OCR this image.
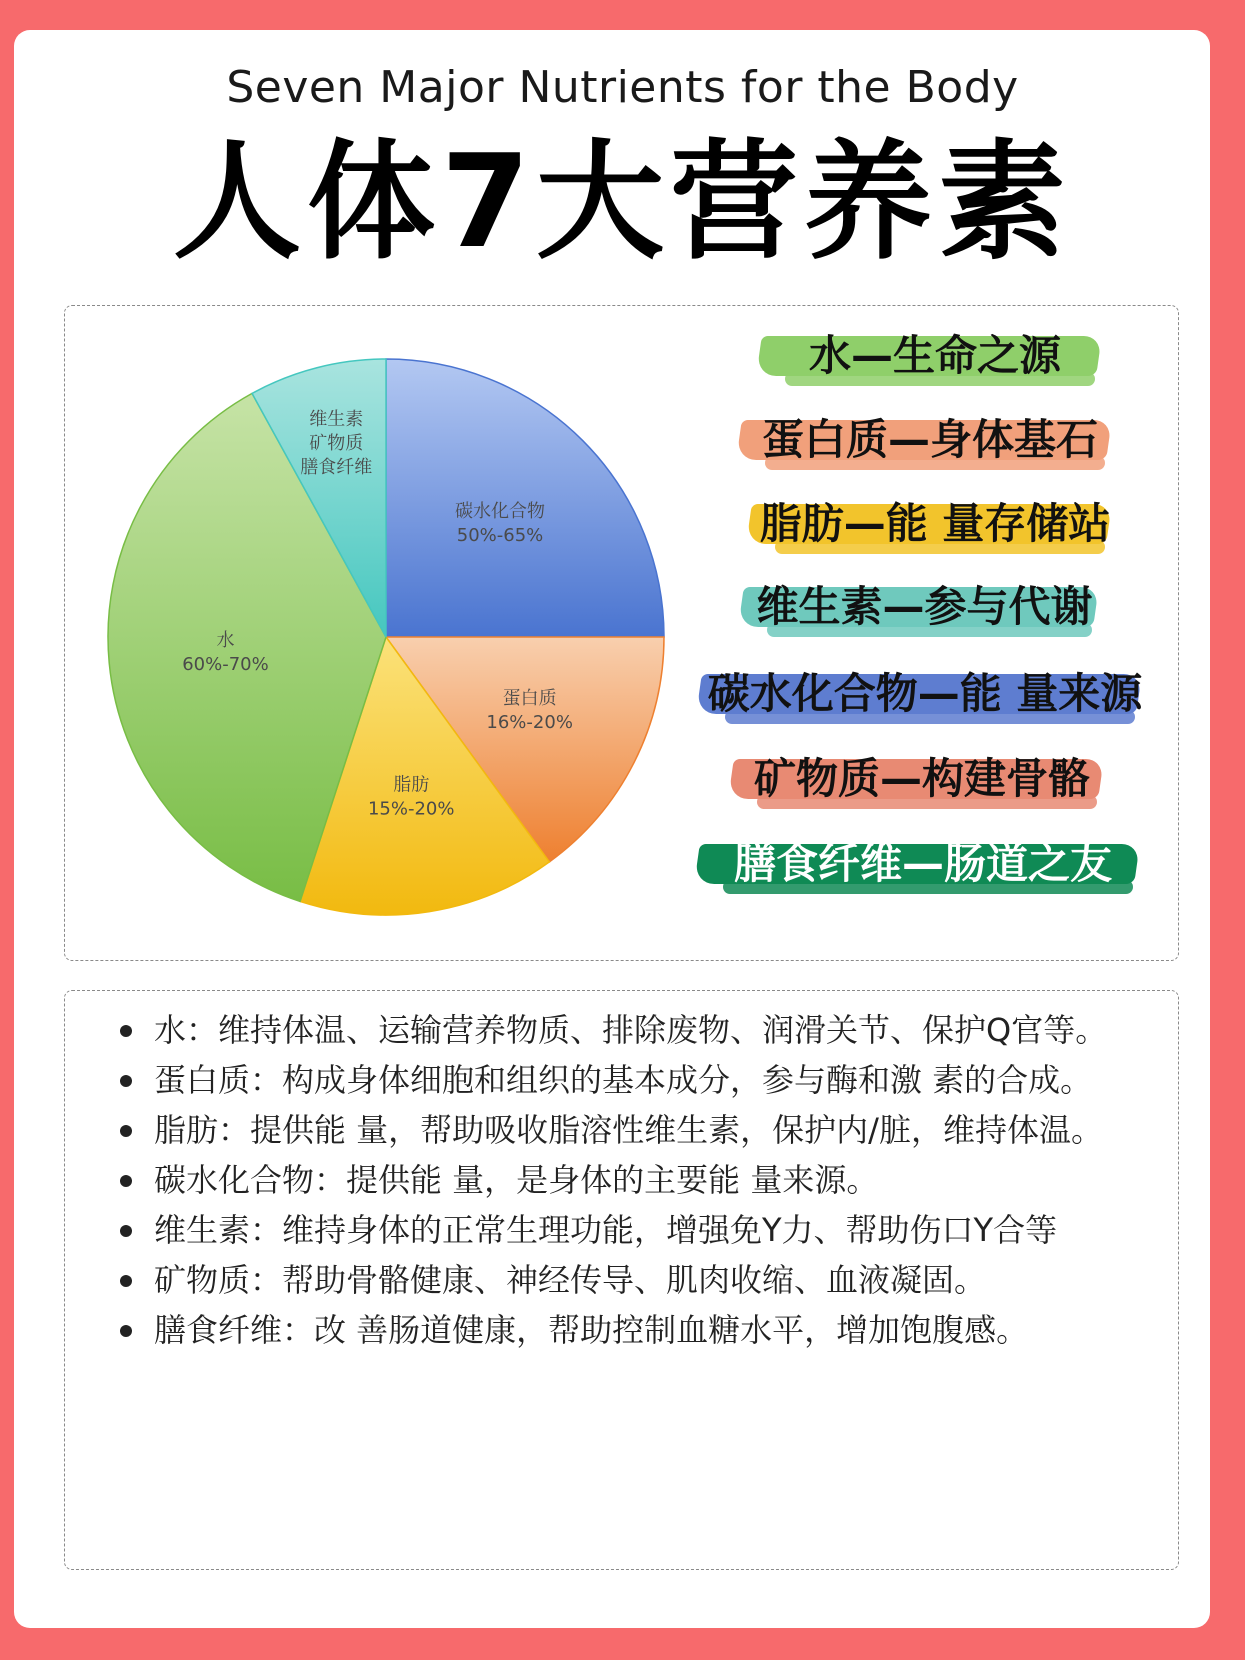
Seven Major Nutrients for the Body
人体7大营养素
碳水化合物 50%-65%
蛋白质 16%-20%
脂肪 15%-20%
水 60%-70%
维生素矿物质膳食纤维
水—生命之源
蛋白质—身体基石
脂肪—能 量存储站
维生素—参与代谢
碳水化合物—能 量来源
矿物质—构建骨骼
膳食纤维—肠道之友
水：维持体温、运输营养物质、排除废物、润滑关节、保护Q官等。
蛋白质：构成身体细胞和组织的基本成分，参与酶和激 素的合成。
脂肪：提供能 量，帮助吸收脂溶性维生素，保护内/脏，维持体温。
碳水化合物：提供能 量，是身体的主要能 量来源。
维生素：维持身体的正常生理功能，增强免Y力、帮助伤口Y合等
矿物质：帮助骨骼健康、神经传导、肌肉收缩、血液凝固。
膳食纤维：改 善肠道健康，帮助控制血糖水平，增加饱腹感。
